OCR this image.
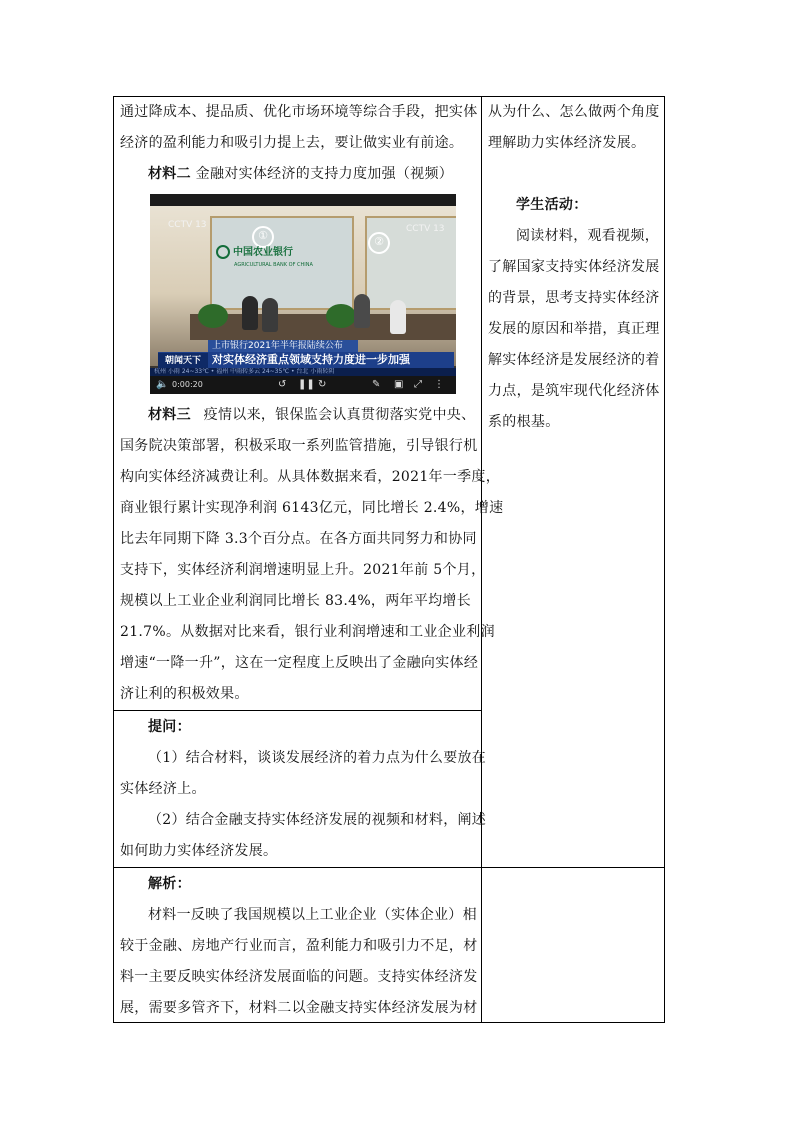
通过降成本、提品质、优化市场环境等综合手段，把实体
经济的盈利能力和吸引力提上去，要让做实业有前途。
材料二 金融对实体经济的支持力度加强（视频）
①	②
中国农业银行
AGRICULTURAL BANK OF CHINA
CCTV 13	CCTV 13
上市银行2021年半年报陆续公布
朝闻天下 对实体经济重点领域支持力度进一步加强
杭州 小雨 24~33℃ • 福州 中雨转多云 24~35℃ • 台北 小雨转阴
🔈 0:00:20	↺ ❚❚ ↻	✎ ▣ ⤢ ⋮
材料三 疫情以来，银保监会认真贯彻落实党中央、
国务院决策部署，积极采取一系列监管措施，引导银行机
构向实体经济减费让利。从具体数据来看，2021年一季度，
商业银行累计实现净利润 6143亿元，同比增长 2.4%，增速
比去年同期下降 3.3个百分点。在各方面共同努力和协同
支持下，实体经济利润增速明显上升。2021年前 5个月，
规模以上工业企业利润同比增长 83.4%，两年平均增长
21.7%。从数据对比来看，银行业利润增速和工业企业利润
增速“一降一升”，这在一定程度上反映出了金融向实体经
济让利的积极效果。
提问：
（1）结合材料，谈谈发展经济的着力点为什么要放在
实体经济上。
（2）结合金融支持实体经济发展的视频和材料，阐述
如何助力实体经济发展。
解析：
材料一反映了我国规模以上工业企业（实体企业）相
较于金融、房地产行业而言，盈利能力和吸引力不足，材
料一主要反映实体经济发展面临的问题。支持实体经济发
展，需要多管齐下，材料二以金融支持实体经济发展为材
从为什么、怎么做两个角度
理解助力实体经济发展。
学生活动：
阅读材料，观看视频，
了解国家支持实体经济发展
的背景，思考支持实体经济
发展的原因和举措，真正理
解实体经济是发展经济的着
力点，是筑牢现代化经济体
系的根基。
